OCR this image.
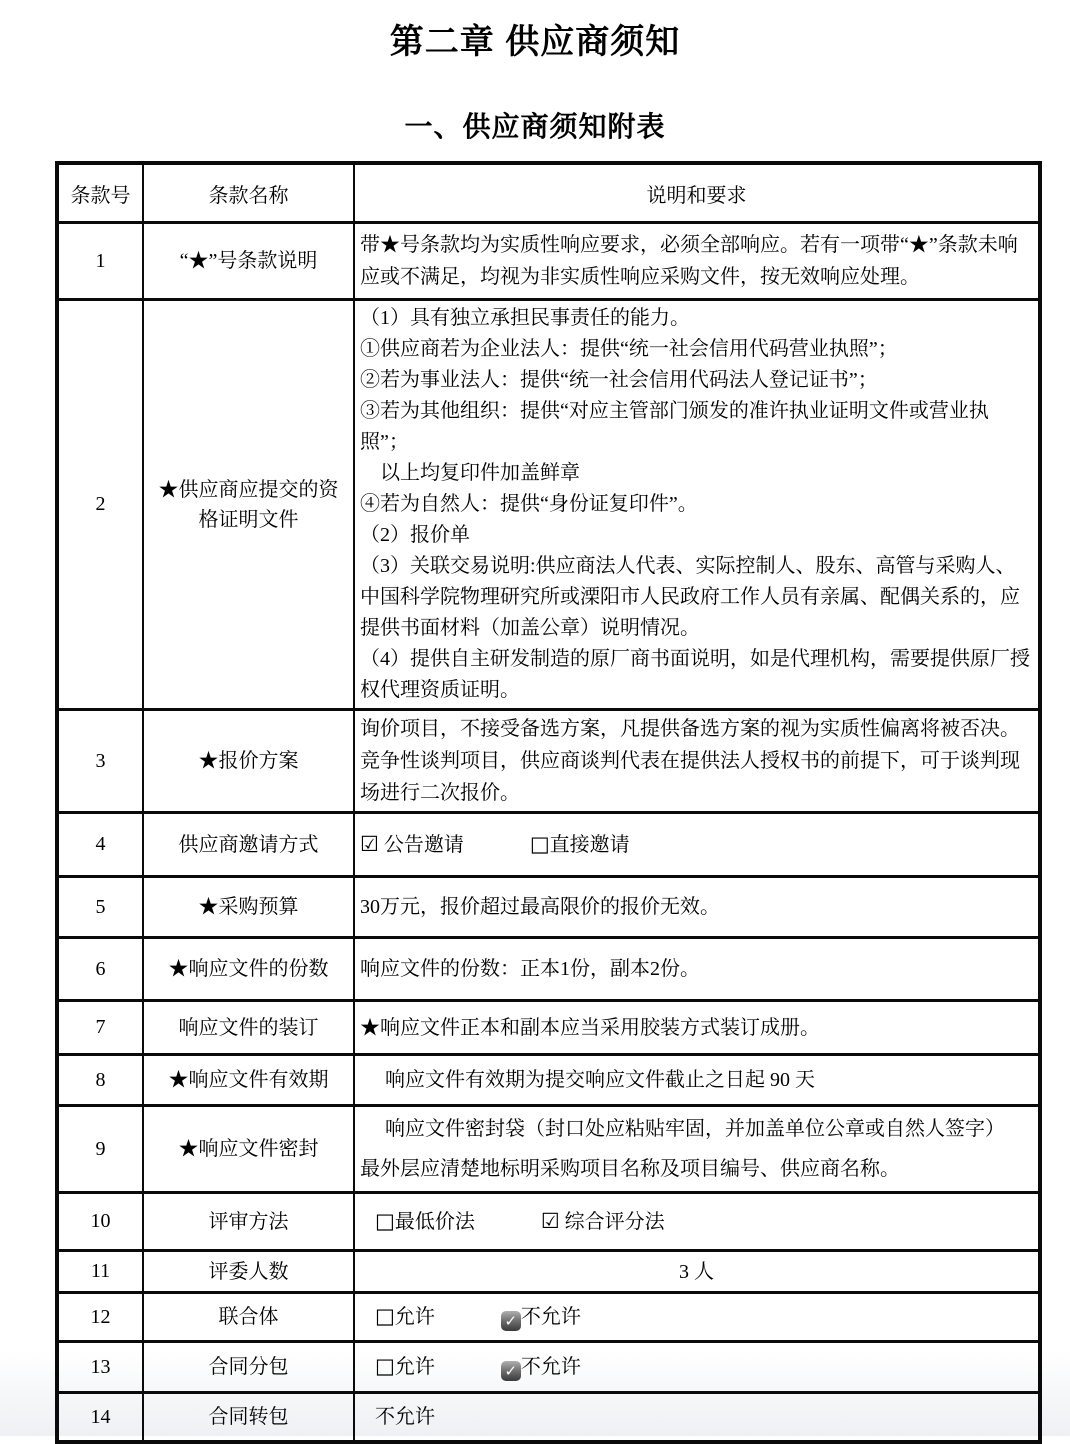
第二章 供应商须知
一、供应商须知附表
条款号	条款名称	说明和要求
1	“★”号条款说明	带★号条款均为实质性响应要求，必须全部响应。若有一项带“★”条款未响应或不满足，均视为非实质性响应采购文件，按无效响应处理。

2	★供应商应提交的资格证明文件	
（1）具有独立承担民事责任的能力。
①供应商若为企业法人：提供“统一社会信用代码营业执照”；
②若为事业法人：提供“统一社会信用代码法人登记证书”；
③若为其他组织：提供“对应主管部门颁发的准许执业证明文件或营业执照”；
　以上均复印件加盖鲜章
④若为自然人：提供“身份证复印件”。
（2）报价单
（3）关联交易说明:供应商法人代表、实际控制人、股东、高管与采购人、中国科学院物理研究所或溧阳市人民政府工作人员有亲属、配偶关系的，应提供书面材料（加盖公章）说明情况。
（4）提供自主研发制造的原厂商书面说明，如是代理机构，需要提供原厂授权代理资质证明。

3	★报价方案	询价项目，不接受备选方案，凡提供备选方案的视为实质性偏离将被否决。竞争性谈判项目，供应商谈判代表在提供法人授权书的前提下，可于谈判现场进行二次报价。

4	供应商邀请方式	☑ 公告邀请 □直接邀请
5	★采购预算	30万元，报价超过最高限价的报价无效。

6	★响应文件的份数	响应文件的份数：正本1份，副本2份。

7	响应文件的装订	★响应文件正本和副本应当采用胶装方式装订成册。

8	★响应文件有效期	　 响应文件有效期为提交响应文件截止之日起 90 天

9	★响应文件密封	　 响应文件密封袋（封口处应粘贴牢固，并加盖单位公章或自然人签字）
最外层应清楚地标明采购项目名称及项目编号、供应商名称。

10	评审方法	□最低价法 ☑ 综合评分法
11	评委人数	3 人

12	联合体	□允许 ✓ 不允许
13	合同分包	□允许 ✓ 不允许
14	合同转包	不允许
